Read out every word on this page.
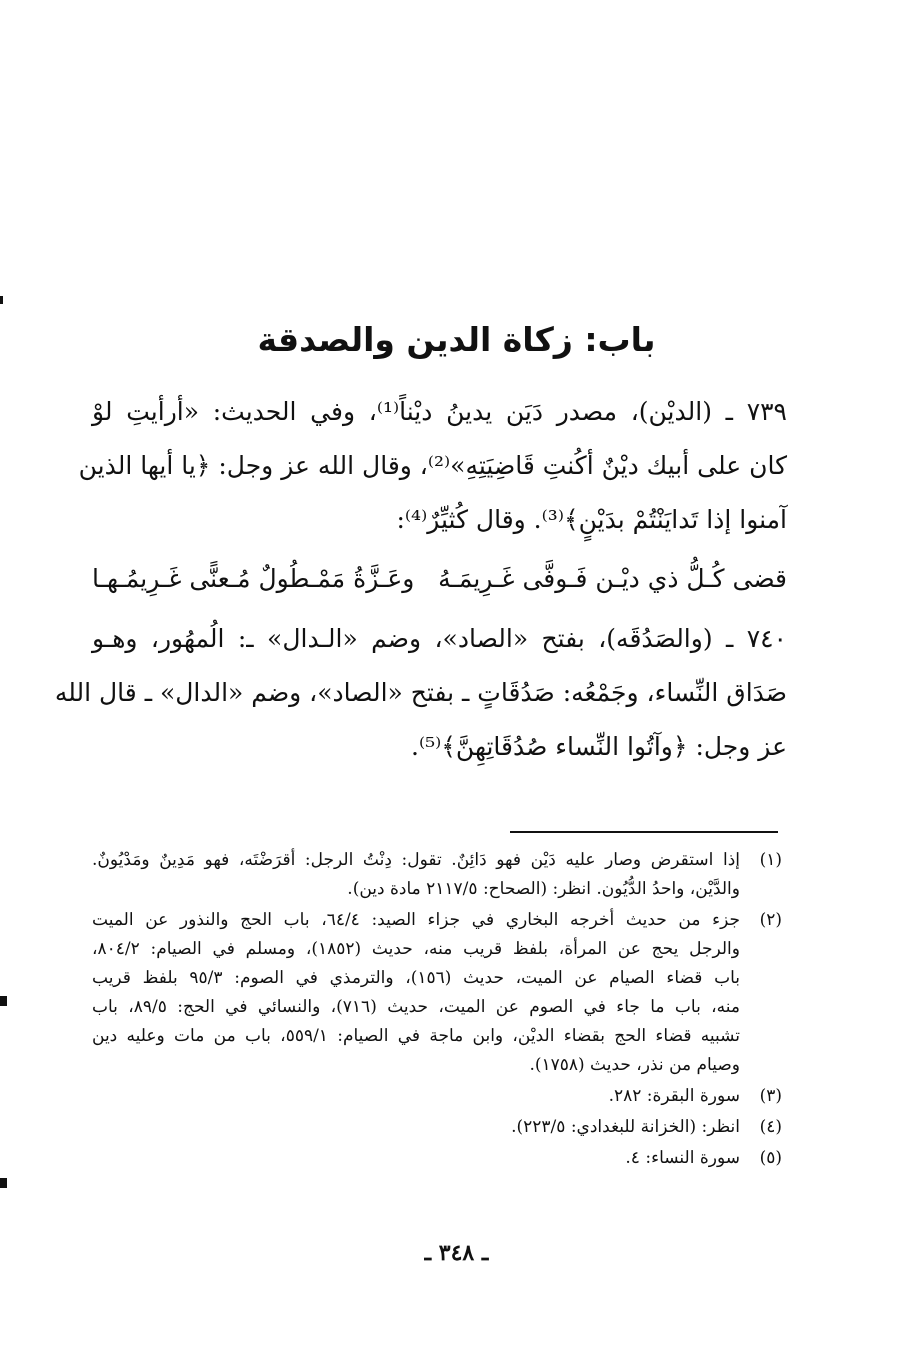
باب: زكاة الدين والصدقة
٧٣٩ ـ (الديْن)، مصدر دَيَن يدينُ ديْناً⁽¹⁾، وفي الحديث: «أرأيتِ لوْ
كان على أبيك ديْنٌ أكُنتِ قَاضِيَتِهِ»⁽²⁾، وقال الله عز وجل: ﴿يا أيها الذين
آمنوا إذا تَدايَنْتُمْ بدَيْنٍ﴾⁽³⁾. وقال كُثيِّرٌ⁽⁴⁾:
قضى كُـلُّ ذي ديْـن فَـوفَّى غَـرِيمَـهُ
وعَـزَّةُ مَمْـطُولٌ مُـعنًّى غَـرِيمُـهـا
٧٤٠ ـ (والصَدُقَه)، بفتح «الصاد»، وضم «الـدال» ـ: الُمهُور، وهـو
صَدَاق النِّساء، وجَمْعُه: صَدُقَاتٍ ـ بفتح «الصاد»، وضم «الدال» ـ قال الله
عز وجل: ﴿وآتُوا النِّساء صُدُقَاتِهِنَّ﴾⁽⁵⁾.
(١)
إذا استقرض وصار عليه دَيْن فهو دَائِنٌ. تقول: دِنْتُ الرجل: أقرَضْتَه، فهو مَدِينٌ ومَدْيُونٌ.
والدَّيْن، واحدُ الدُّيُون. انظر: (الصحاح: ٢١١٧/٥ مادة دين).
(٢)
جزء من حديث أخرجه البخاري في جزاء الصيد: ٦٤/٤، باب الحج والنذور عن الميت
والرجل يحج عن المرأة، بلفظ قريب منه، حديث (١٨٥٢)، ومسلم في الصيام: ٨٠٤/٢،
باب قضاء الصيام عن الميت، حديث (١٥٦)، والترمذي في الصوم: ٩٥/٣ بلفظ قريب
منه، باب ما جاء في الصوم عن الميت، حديث (٧١٦)، والنسائي في الحج: ٨٩/٥، باب
تشبيه قضاء الحج بقضاء الديْن، وابن ماجة في الصيام: ٥٥٩/١، باب من مات وعليه دين
وصيام من نذر، حديث (١٧٥٨).
(٣)
سورة البقرة: ٢٨٢.
(٤)
انظر: (الخزانة للبغدادي: ٢٢٣/٥).
(٥)
سورة النساء: ٤.
ـ ٣٤٨ ـ
